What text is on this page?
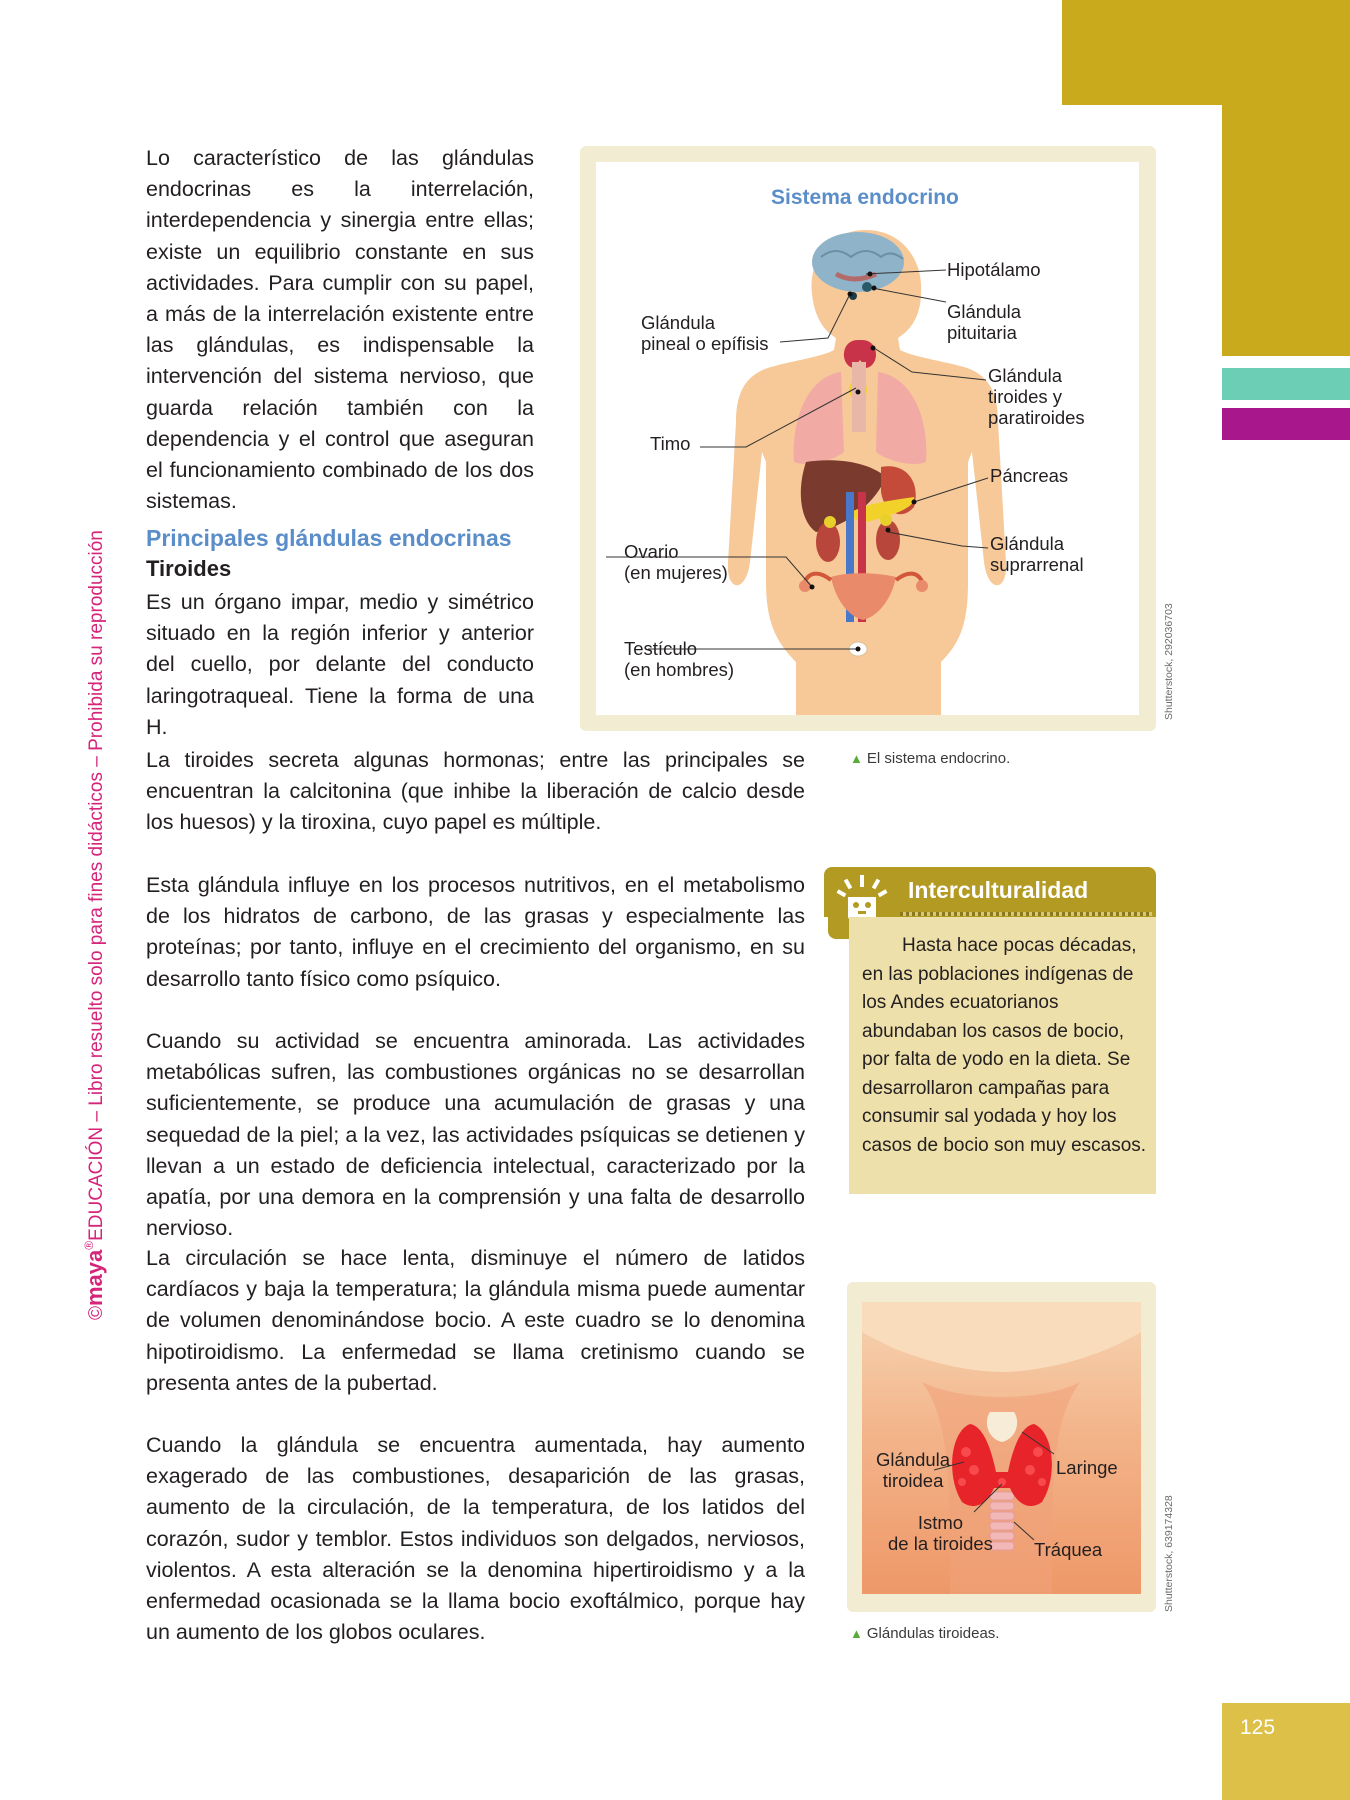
125
©maya®EDUCACIÓN – Libro resuelto solo para fines didácticos – Prohibida su reproducción
Lo característico de las glándulas endocrinas es la interrelación, interdependencia y sinergia entre ellas; existe un equilibrio constante en sus actividades. Para cumplir con su papel, a más de la interrelación existente entre las glándulas, es indispensable la intervención del sistema nervioso, que guarda relación también con la dependencia y el control que aseguran el funcionamiento combinado de los dos sistemas.
Principales glándulas endocrinas
Tiroides
Es un órgano impar, medio y simétrico situado en la región inferior y anterior del cuello, por delante del conducto laringotraqueal. Tiene la forma de una H.
La tiroides secreta algunas hormonas; entre las principales se encuentran la calcitonina (que inhibe la liberación de calcio desde los huesos) y la tiroxina, cuyo papel es múltiple.
Esta glándula influye en los procesos nutritivos, en el metabolismo de los hidratos de carbono, de las grasas y especialmente las proteínas; por tanto, influye en el crecimiento del organismo, en su desarrollo tanto físico como psíquico.
Cuando su actividad se encuentra aminorada. Las actividades metabólicas sufren, las combustiones orgánicas no se desarrollan suficientemente, se produce una acumulación de grasas y una sequedad de la piel; a la vez, las actividades psíquicas se detienen y llevan a un estado de deficiencia intelectual, caracterizado por la apatía, por una demora en la comprensión y una falta de desarrollo nervioso.
La circulación se hace lenta, disminuye el número de latidos cardíacos y baja la temperatura; la glándula misma puede aumentar de volumen denominándose bocio. A este cuadro se lo denomina hipotiroidismo. La enfermedad se llama cretinismo cuando se presenta antes de la pubertad.
Cuando la glándula se encuentra aumentada, hay aumento exagerado de las combustiones, desaparición de las grasas, aumento de la circulación, de la temperatura, de los latidos del corazón, sudor y temblor. Estos individuos son delgados, nerviosos, violentos. A esta alteración se la denomina hipertiroidismo y a la enfermedad ocasionada se la llama bocio exoftálmico, porque hay un aumento de los globos oculares.
Sistema endocrino
Hipotálamo
Glándula
pituitaria
Glándula
pineal o epífisis
Glándula
tiroides y
paratiroides
Timo
Páncreas
Glándula
suprarrenal
Ovario
(en mujeres)
Testículo
(en hombres)	Shutterstock, 292036703
▲ El sistema endocrino.
Interculturalidad
Hasta hace pocas décadas, en las poblaciones indígenas de los Andes ecuatorianos abundaban los casos de bocio, por falta de yodo en la dieta. Se desarrollaron campañas para consumir sal yodada y hoy los casos de bocio son muy escasos.
Glándula
tiroidea
Laringe
Istmo
de la tiroides Tráquea	Shutterstock, 639174328
▲ Glándulas tiroideas.
